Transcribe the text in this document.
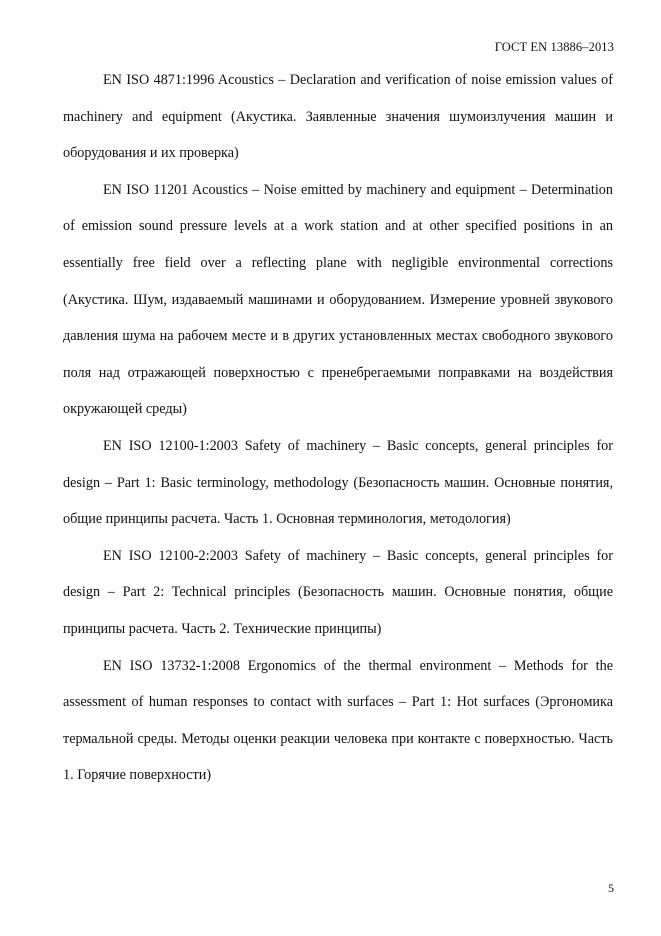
ГОСТ EN 13886–2013

EN ISO 4871:1996 Acoustics – Declaration and verification of noise emission values of machinery and equipment (Акустика. Заявленные значения шумоизлучения машин и оборудования и их проверка)

EN ISO 11201 Acoustics – Noise emitted by machinery and equipment – Determination of emission sound pressure levels at a work station and at other specified positions in an essentially free field over a reflecting plane with negligible environmental corrections (Акустика. Шум, издаваемый машинами и оборудованием. Измерение уровней звукового давления шума на рабочем месте и в других установленных местах свободного звукового поля над отражающей поверхностью с пренебрегаемыми поправками на воздействия окружающей среды)

EN ISO 12100-1:2003 Safety of machinery – Basic concepts, general principles for design – Part 1: Basic terminology, methodology (Безопасность машин. Основные понятия, общие принципы расчета. Часть 1. Основная терминология, методология)

EN ISO 12100-2:2003 Safety of machinery – Basic concepts, general principles for design – Part 2: Technical principles (Безопасность машин. Основные понятия, общие принципы расчета. Часть 2. Технические принципы)

EN ISO 13732-1:2008 Ergonomics of the thermal environment – Methods for the assessment of human responses to contact with surfaces – Part 1: Hot surfaces (Эргономика термальной среды. Методы оценки реакции человека при контакте с поверхностью. Часть 1. Горячие поверхности)

5
